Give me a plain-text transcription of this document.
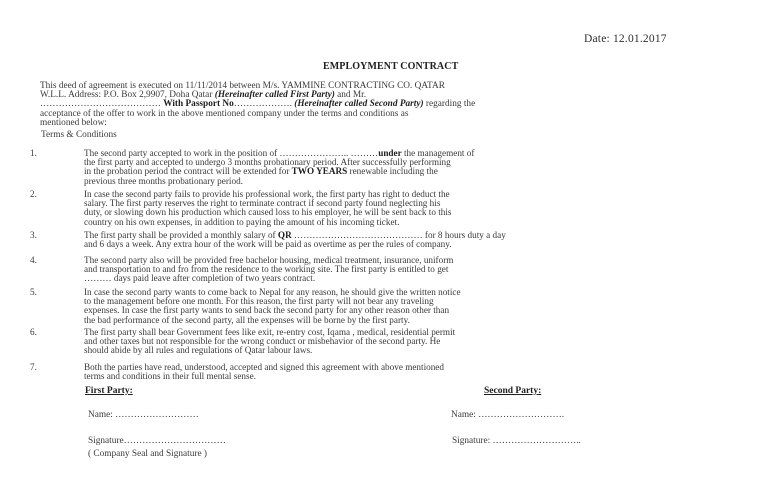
Date: 12.01.2017
EMPLOYMENT CONTRACT

This deed of agreement is executed on 11/11/2014 between M/s. YAMMINE CONTRACTING CO. QATAR

W.L.L. Address: P.O. Box 2,9907, Doha Qatar (Hereinafter called First Party) and Mr.

………………………………… With Passport No………………. (Hereinafter called Second Party) regarding the

acceptance of the offer to work in the above mentioned company under the terms and conditions as

mentioned below:

Terms & Conditions
1.	The second party accepted to work in the position of ………………….. ………under the management of

the first party and accepted to undergo 3 months probationary period. After successfully performing

in the probation period the contract will be extended for TWO YEARS renewable including the

previous three months probationary period.

2.	In case the second party fails to provide his professional work, the first party has right to deduct the

salary. The first party reserves the right to terminate contract if second party found neglecting his

duty, or slowing down his production which caused loss to his employer, he will be sent back to this

country on his own expenses, in addition to paying the amount of his incoming ticket.

3.	The first party shall be provided a monthly salary of QR …………………………………… for 8 hours duty a day

and 6 days a week. Any extra hour of the work will be paid as overtime as per the rules of company.

4.	The second party also will be provided free bachelor housing, medical treatment, insurance, uniform

and transportation to and fro from the residence to the working site. The first party is entitled to get

……… days paid leave after completion of two years contract.

5.	In case the second party wants to come back to Nepal for any reason, he should give the written notice

to the management before one month. For this reason, the first party will not bear any traveling

expenses. In case the first party wants to send back the second party for any other reason other than

the bad performance of the second party, all the expenses will be borne by the first party.

6.	The first party shall bear Government fees like exit, re-entry cost, Iqama , medical, residential permit

and other taxes but not responsible for the wrong conduct or misbehavior of the second party. He

should abide by all rules and regulations of Qatar labour laws.

7.	Both the parties have read, understood, accepted and signed this agreement with above mentioned

terms and conditions in their full mental sense.

First Party:	Second Party:
Name: ………………………	Name: ……………………….
Signature……………………………	Signature: ………………………..
( Company Seal and Signature )
